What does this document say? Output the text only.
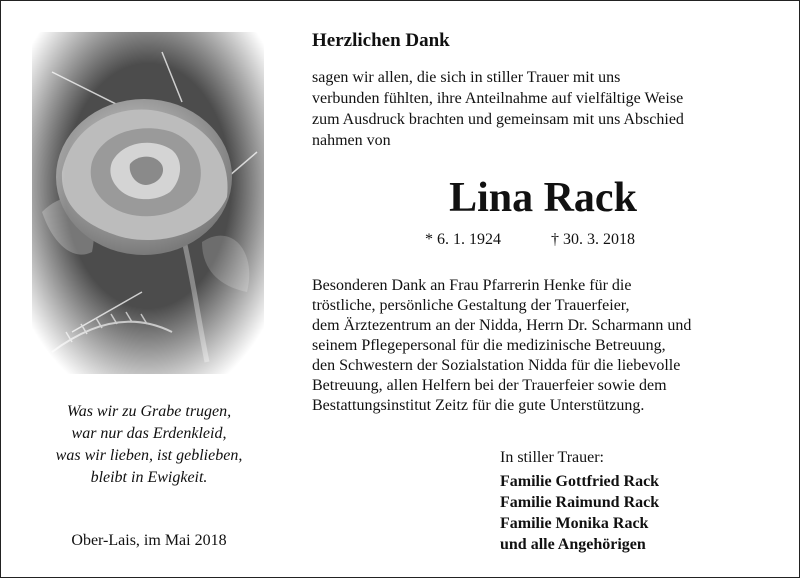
Was wir zu Grabe trugen,
war nur das Erdenkleid,
was wir lieben, ist geblieben,
bleibt in Ewigkeit.
Ober-Lais, im Mai 2018
Herzlichen Dank
sagen wir allen, die sich in stiller Trauer mit uns
verbunden fühlten, ihre Anteilnahme auf vielfältige Weise
zum Ausdruck brachten und gemeinsam mit uns Abschied
nahmen von
Lina Rack
* 6. 1. 1924	† 30. 3. 2018
Besonderen Dank an Frau Pfarrerin Henke für die
tröstliche, persönliche Gestaltung der Trauerfeier,
dem Ärztezentrum an der Nidda, Herrn Dr. Scharmann und
seinem Pflegepersonal für die medizinische Betreuung,
den Schwestern der Sozialstation Nidda für die liebevolle
Betreuung, allen Helfern bei der Trauerfeier sowie dem
Bestattungsinstitut Zeitz für die gute Unterstützung.
In stiller Trauer:
Familie Gottfried Rack
Familie Raimund Rack
Familie Monika Rack
und alle Angehörigen
